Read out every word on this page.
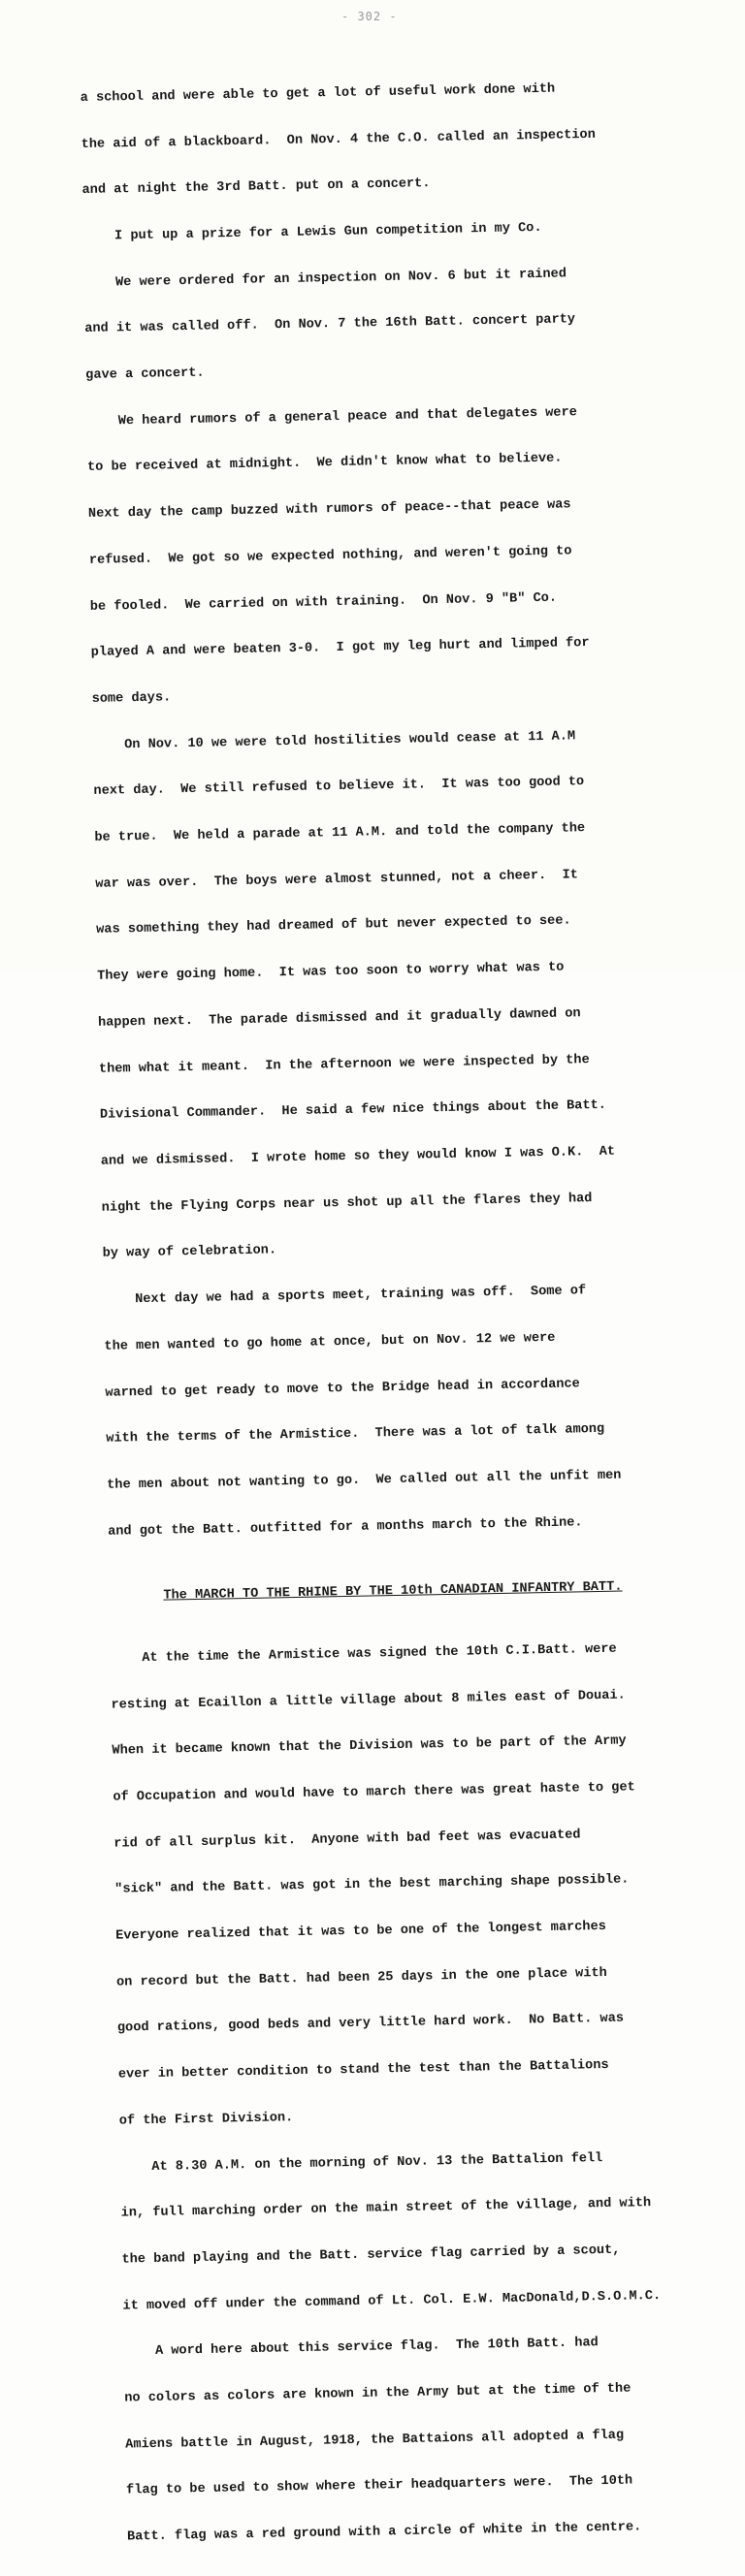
- 302 -

a school and were able to get a lot of useful work done with

the aid of a blackboard.  On Nov. 4 the C.O. called an inspection

and at night the 3rd Batt. put on a concert.

I put up a prize for a Lewis Gun competition in my Co.

We were ordered for an inspection on Nov. 6 but it rained

and it was called off.  On Nov. 7 the 16th Batt. concert party

gave a concert.

We heard rumors of a general peace and that delegates were

to be received at midnight.  We didn't know what to believe.

Next day the camp buzzed with rumors of peace--that peace was

refused.  We got so we expected nothing, and weren't going to

be fooled.  We carried on with training.  On Nov. 9 "B" Co.

played A and were beaten 3-0.  I got my leg hurt and limped for

some days.

On Nov. 10 we were told hostilities would cease at 11 A.M

next day.  We still refused to believe it.  It was too good to

be true.  We held a parade at 11 A.M. and told the company the

war was over.  The boys were almost stunned, not a cheer.  It

was something they had dreamed of but never expected to see.

They were going home.  It was too soon to worry what was to

happen next.  The parade dismissed and it gradually dawned on

them what it meant.  In the afternoon we were inspected by the

Divisional Commander.  He said a few nice things about the Batt.

and we dismissed.  I wrote home so they would know I was O.K.  At

night the Flying Corps near us shot up all the flares they had

by way of celebration.

Next day we had a sports meet, training was off.  Some of

the men wanted to go home at once, but on Nov. 12 we were

warned to get ready to move to the Bridge head in accordance

with the terms of the Armistice.  There was a lot of talk among

the men about not wanting to go.  We called out all the unfit men

and got the Batt. outfitted for a months march to the Rhine.

The MARCH TO THE RHINE BY THE 10th CANADIAN INFANTRY BATT.

At the time the Armistice was signed the 10th C.I.Batt. were

resting at Ecaillon a little village about 8 miles east of Douai.

When it became known that the Division was to be part of the Army

of Occupation and would have to march there was great haste to get

rid of all surplus kit.  Anyone with bad feet was evacuated

"sick" and the Batt. was got in the best marching shape possible.

Everyone realized that it was to be one of the longest marches

on record but the Batt. had been 25 days in the one place with

good rations, good beds and very little hard work.  No Batt. was

ever in better condition to stand the test than the Battalions

of the First Division.

At 8.30 A.M. on the morning of Nov. 13 the Battalion fell

in, full marching order on the main street of the village, and with

the band playing and the Batt. service flag carried by a scout,

it moved off under the command of Lt. Col. E.W. MacDonald,D.S.O.M.C.

A word here about this service flag.  The 10th Batt. had

no colors as colors are known in the Army but at the time of the

Amiens battle in August, 1918, the Battaions all adopted a flag

flag to be used to show where their headquarters were.  The 10th

Batt. flag was a red ground with a circle of white in the centre.
